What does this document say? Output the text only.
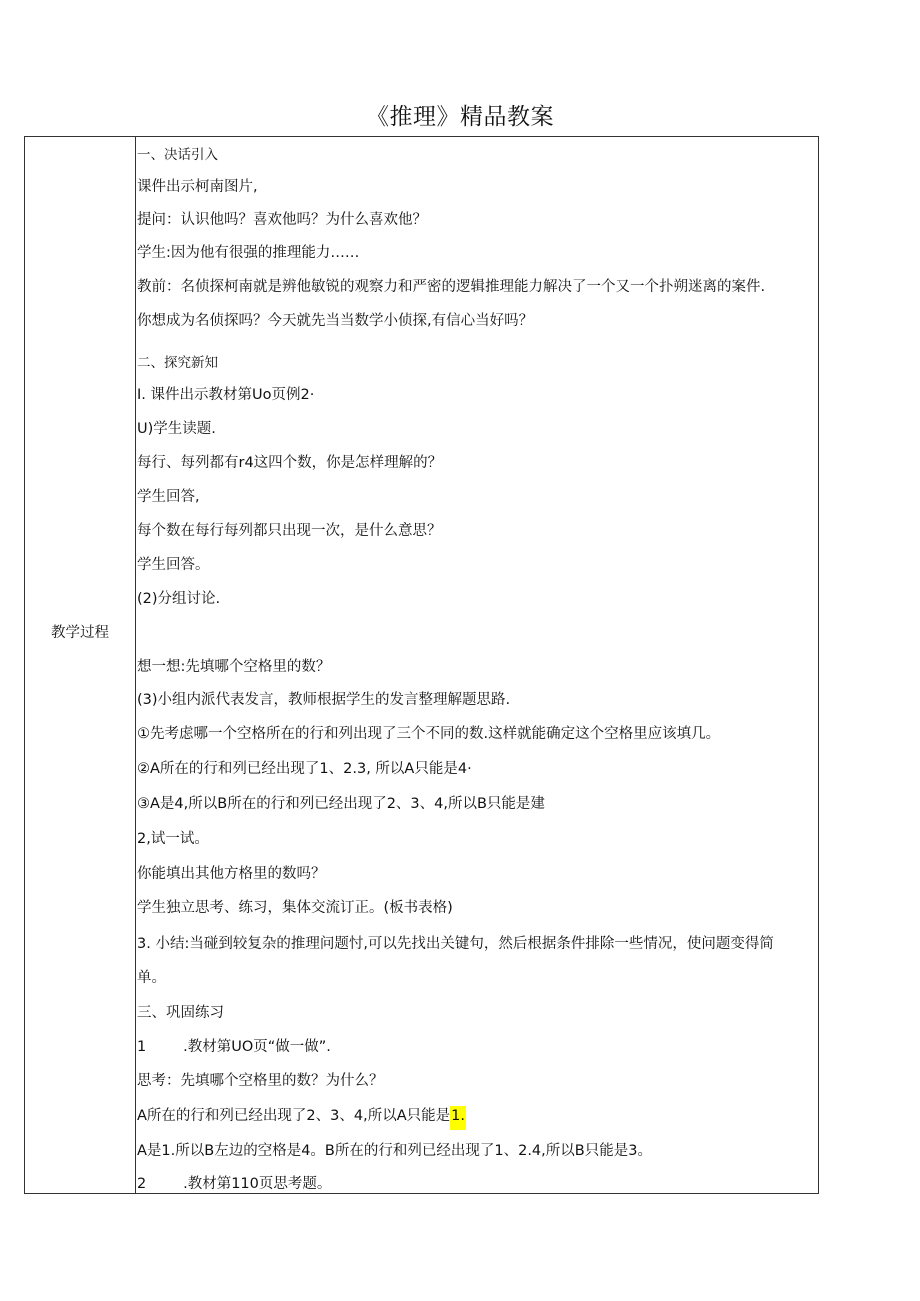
《推理》精品教案
教学过程
一、决话引入
课件出示柯南图片,
提问：认识他吗？喜欢他吗？为什么喜欢他？
学生:因为他有很强的推理能力……
教前：名侦探柯南就是辨他敏锐的观察力和严密的逻辑推理能力解决了一个又一个扑朔迷离的案件.
你想成为名侦探吗？今天就先当当数学小侦探,有信心当好吗？
二、探究新知
I. 课件出示教材第Uo页例2·
U)学生读题.
每行、每列都有r4这四个数，你是怎样理解的？
学生回答,
每个数在每行每列都只出现一次，是什么意思？
学生回答。
(2)分组讨论.
想一想:先填哪个空格里的数？
(3)小组内派代表发言，教师根据学生的发言整理解题思路.
①先考虑哪一个空格所在的行和列出现了三个不同的数.这样就能确定这个空格里应该填几。
②A所在的行和列已经出现了1、2.3, 所以A只能是4·
③A是4,所以B所在的行和列已经出现了2、3、4,所以B只能是建
2,试一试。
你能填出其他方格里的数吗？
学生独立思考、练习，集体交流订正。(板书表格)
3. 小结:当碰到较复杂的推理问题忖,可以先找出关键句，然后根据条件排除一些情况，使问题变得简
单。
三、巩固练习
1        .教材第UO页“做一做”.
思考：先填哪个空格里的数？为什么？
A所在的行和列已经出现了2、3、4,所以A只能是1.
A是1.所以B左边的空格是4。B所在的行和列已经出现了1、2.4,所以B只能是3。
2        .教材第110页思考题。
